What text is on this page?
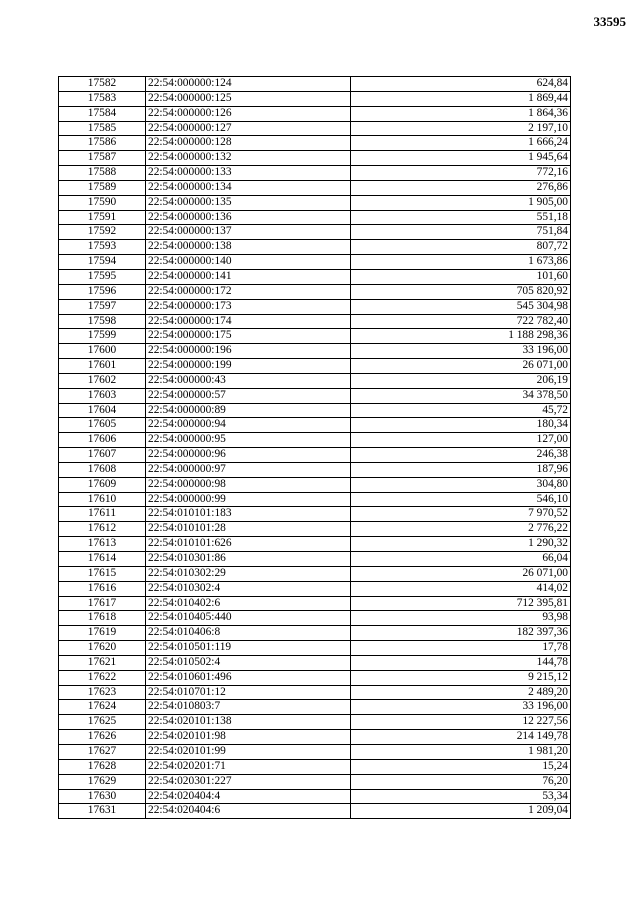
33595
17582	22:54:000000:124	624,84
17583	22:54:000000:125	1 869,44
17584	22:54:000000:126	1 864,36
17585	22:54:000000:127	2 197,10
17586	22:54:000000:128	1 666,24
17587	22:54:000000:132	1 945,64
17588	22:54:000000:133	772,16
17589	22:54:000000:134	276,86
17590	22:54:000000:135	1 905,00
17591	22:54:000000:136	551,18
17592	22:54:000000:137	751,84
17593	22:54:000000:138	807,72
17594	22:54:000000:140	1 673,86
17595	22:54:000000:141	101,60
17596	22:54:000000:172	705 820,92
17597	22:54:000000:173	545 304,98
17598	22:54:000000:174	722 782,40
17599	22:54:000000:175	1 188 298,36
17600	22:54:000000:196	33 196,00
17601	22:54:000000:199	26 071,00
17602	22:54:000000:43	206,19
17603	22:54:000000:57	34 378,50
17604	22:54:000000:89	45,72
17605	22:54:000000:94	180,34
17606	22:54:000000:95	127,00
17607	22:54:000000:96	246,38
17608	22:54:000000:97	187,96
17609	22:54:000000:98	304,80
17610	22:54:000000:99	546,10
17611	22:54:010101:183	7 970,52
17612	22:54:010101:28	2 776,22
17613	22:54:010101:626	1 290,32
17614	22:54:010301:86	66,04
17615	22:54:010302:29	26 071,00
17616	22:54:010302:4	414,02
17617	22:54:010402:6	712 395,81
17618	22:54:010405:440	93,98
17619	22:54:010406:8	182 397,36
17620	22:54:010501:119	17,78
17621	22:54:010502:4	144,78
17622	22:54:010601:496	9 215,12
17623	22:54:010701:12	2 489,20
17624	22:54:010803:7	33 196,00
17625	22:54:020101:138	12 227,56
17626	22:54:020101:98	214 149,78
17627	22:54:020101:99	1 981,20
17628	22:54:020201:71	15,24
17629	22:54:020301:227	76,20
17630	22:54:020404:4	53,34
17631	22:54:020404:6	1 209,04
